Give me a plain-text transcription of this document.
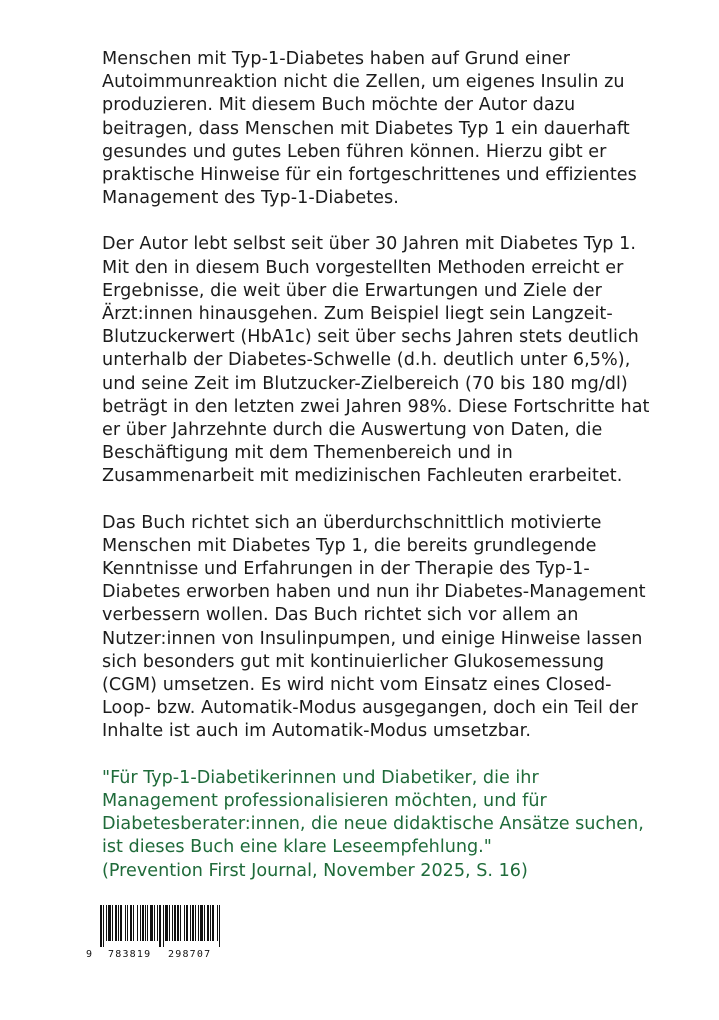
Menschen mit Typ-1-Diabetes haben auf Grund einer
Autoimmunreaktion nicht die Zellen, um eigenes Insulin zu
produzieren. Mit diesem Buch möchte der Autor dazu
beitragen, dass Menschen mit Diabetes Typ 1 ein dauerhaft
gesundes und gutes Leben führen können. Hierzu gibt er
praktische Hinweise für ein fortgeschrittenes und effizientes
Management des Typ-1-Diabetes.

Der Autor lebt selbst seit über 30 Jahren mit Diabetes Typ 1.
Mit den in diesem Buch vorgestellten Methoden erreicht er
Ergebnisse, die weit über die Erwartungen und Ziele der
Ärzt:innen hinausgehen. Zum Beispiel liegt sein Langzeit-
Blutzuckerwert (HbA1c) seit über sechs Jahren stets deutlich
unterhalb der Diabetes-Schwelle (d.h. deutlich unter 6,5%),
und seine Zeit im Blutzucker-Zielbereich (70 bis 180 mg/dl)
beträgt in den letzten zwei Jahren 98%. Diese Fortschritte hat
er über Jahrzehnte durch die Auswertung von Daten, die
Beschäftigung mit dem Themenbereich und in
Zusammenarbeit mit medizinischen Fachleuten erarbeitet.

Das Buch richtet sich an überdurchschnittlich motivierte
Menschen mit Diabetes Typ 1, die bereits grundlegende
Kenntnisse und Erfahrungen in der Therapie des Typ-1-
Diabetes erworben haben und nun ihr Diabetes-Management
verbessern wollen. Das Buch richtet sich vor allem an
Nutzer:innen von Insulinpumpen, und einige Hinweise lassen
sich besonders gut mit kontinuierlicher Glukosemessung
(CGM) umsetzen. Es wird nicht vom Einsatz eines Closed-
Loop- bzw. Automatik-Modus ausgegangen, doch ein Teil der
Inhalte ist auch im Automatik-Modus umsetzbar.

"Für Typ-1-Diabetikerinnen und Diabetiker, die ihr
Management professionalisieren möchten, und für
Diabetesberater:innen, die neue didaktische Ansätze suchen,
ist dieses Buch eine klare Leseempfehlung."

(Prevention First Journal, November 2025, S. 16)

9 783819 298707
